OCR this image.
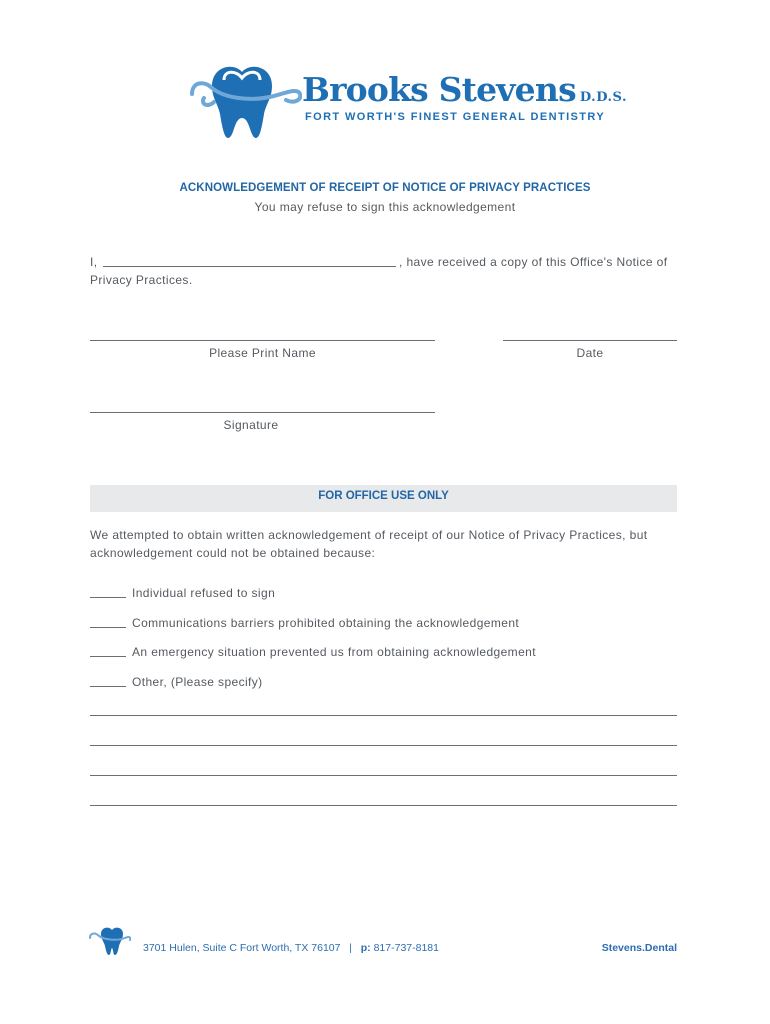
Brooks Stevens D.D.S.
FORT WORTH'S FINEST GENERAL DENTISTRY
ACKNOWLEDGEMENT OF RECEIPT OF NOTICE OF PRIVACY PRACTICES
You may refuse to sign this acknowledgement
I,	, have received a copy of this Office's Notice of
Privacy Practices.
Please Print Name	Date
Signature
FOR OFFICE USE ONLY
We attempted to obtain written acknowledgement of receipt of our Notice of Privacy Practices, but
acknowledgement could not be obtained because:
Individual refused to sign
Communications barriers prohibited obtaining the acknowledgement
An emergency situation prevented us from obtaining acknowledgement
Other, (Please specify)
3701 Hulen, Suite C Fort Worth, TX 76107 | p: 817-737-8181	Stevens.Dental
